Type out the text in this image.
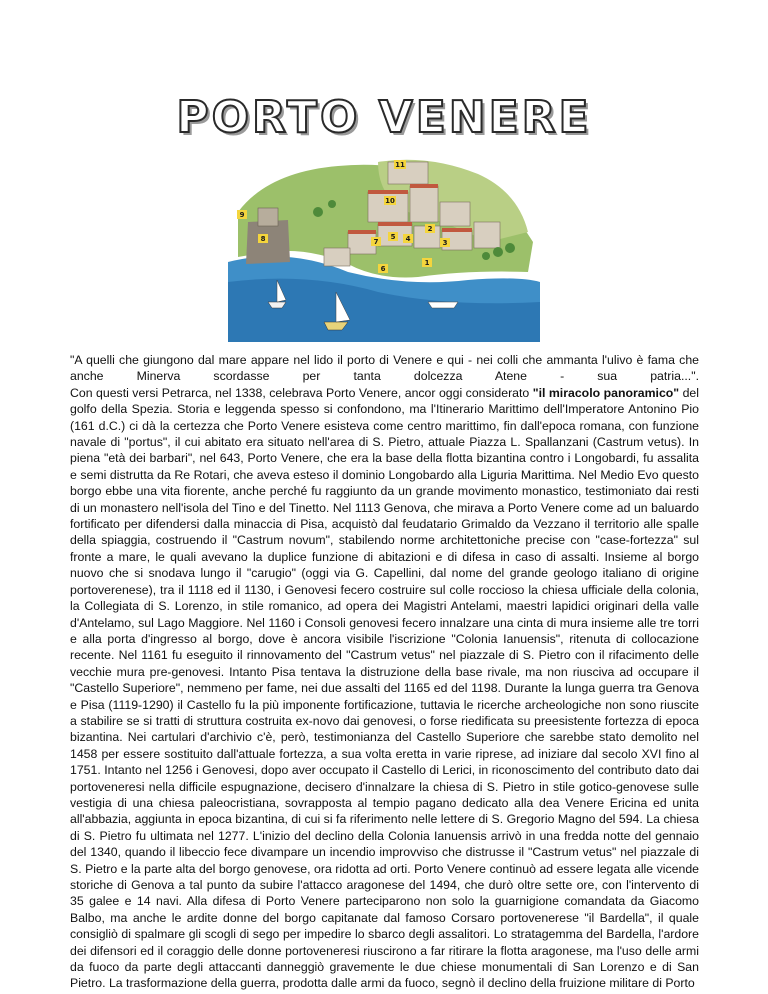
PORTO VENERE
1
2
3
4
5
6
7
8
9
10
11

"A quelli che giungono dal mare appare nel lido il porto di Venere e qui - nei colli che ammanta l'ulivo è fama che anche Minerva scordasse per tanta dolcezza Atene - sua patria...".

Con questi versi Petrarca, nel 1338, celebrava Porto Venere, ancor oggi considerato "il miracolo panoramico" del golfo della Spezia. Storia e leggenda spesso si confondono, ma l'Itinerario Marittimo dell'Imperatore Antonino Pio (161 d.C.) ci dà la certezza che Porto Venere esisteva come centro marittimo, fin dall'epoca romana, con funzione navale di "portus", il cui abitato era situato nell'area di S. Pietro, attuale Piazza L. Spallanzani (Castrum vetus). In piena "età dei barbari", nel 643, Porto Venere, che era la base della flotta bizantina contro i Longobardi, fu assalita e semi distrutta da Re Rotari, che aveva esteso il dominio Longobardo alla Liguria Marittima. Nel Medio Evo questo borgo ebbe una vita fiorente, anche perché fu raggiunto da un grande movimento monastico, testimoniato dai resti di un monastero nell'isola del Tino e del Tinetto. Nel 1113 Genova, che mirava a Porto Venere come ad un baluardo fortificato per difendersi dalla minaccia di Pisa, acquistò dal feudatario Grimaldo da Vezzano il territorio alle spalle della spiaggia, costruendo il "Castrum novum", stabilendo norme architettoniche precise con "case-fortezza" sul fronte a mare, le quali avevano la duplice funzione di abitazioni e di difesa in caso di assalti. Insieme al borgo nuovo che si snodava lungo il "carugio" (oggi via G. Capellini, dal nome del grande geologo italiano di origine portoverenese), tra il 1118 ed il 1130, i Genovesi fecero costruire sul colle roccioso la chiesa ufficiale della colonia, la Collegiata di S. Lorenzo, in stile romanico, ad opera dei Magistri Antelami, maestri lapidici originari della valle d'Antelamo, sul Lago Maggiore. Nel 1160 i Consoli genovesi fecero innalzare una cinta di mura insieme alle tre torri e alla porta d'ingresso al borgo, dove è ancora visibile l'iscrizione "Colonia Ianuensis", ritenuta di collocazione recente. Nel 1161 fu eseguito il rinnovamento del "Castrum vetus" nel piazzale di S. Pietro con il rifacimento delle vecchie mura pre-genovesi. Intanto Pisa tentava la distruzione della base rivale, ma non riusciva ad occupare il "Castello Superiore", nemmeno per fame, nei due assalti del 1165 ed del 1198. Durante la lunga guerra tra Genova e Pisa (1119-1290) il Castello fu la più imponente fortificazione, tuttavia le ricerche archeologiche non sono riuscite a stabilire se si tratti di struttura costruita ex-novo dai genovesi, o forse riedificata su preesistente fortezza di epoca bizantina. Nei cartulari d'archivio c'è, però, testimonianza del Castello Superiore che sarebbe stato demolito nel 1458 per essere sostituito dall'attuale fortezza, a sua volta eretta in varie riprese, ad iniziare dal secolo XVI fino al 1751. Intanto nel 1256 i Genovesi, dopo aver occupato il Castello di Lerici, in riconoscimento del contributo dato dai portoveneresi nella difficile espugnazione, decisero d'innalzare la chiesa di S. Pietro in stile gotico-genovese sulle vestigia di una chiesa paleocristiana, sovrapposta al tempio pagano dedicato alla dea Venere Ericina ed unita all'abbazia, aggiunta in epoca bizantina, di cui si fa riferimento nelle lettere di S. Gregorio Magno del 594. La chiesa di S. Pietro fu ultimata nel 1277. L'inizio del declino della Colonia Ianuensis arrivò in una fredda notte del gennaio del 1340, quando il libeccio fece divampare un incendio improvviso che distrusse il "Castrum vetus" nel piazzale di S. Pietro e la parte alta del borgo genovese, ora ridotta ad orti. Porto Venere continuò ad essere legata alle vicende storiche di Genova a tal punto da subire l'attacco aragonese del 1494, che durò oltre sette ore, con l'intervento di 35 galee e 14 navi. Alla difesa di Porto Venere parteciparono non solo la guarnigione comandata da Giacomo Balbo, ma anche le ardite donne del borgo capitanate dal famoso Corsaro portovenerese "il Bardella", il quale consigliò di spalmare gli scogli di sego per impedire lo sbarco degli assalitori. Lo stratagemma del Bardella, l'ardore dei difensori ed il coraggio delle donne portoveneresi riuscirono a far ritirare la flotta aragonese, ma l'uso delle armi da fuoco da parte degli attaccanti danneggiò gravemente le due chiese monumentali di San Lorenzo e di San Pietro. La trasformazione della guerra, prodotta dalle armi da fuoco, segnò il declino della fruizione militare di Porto
